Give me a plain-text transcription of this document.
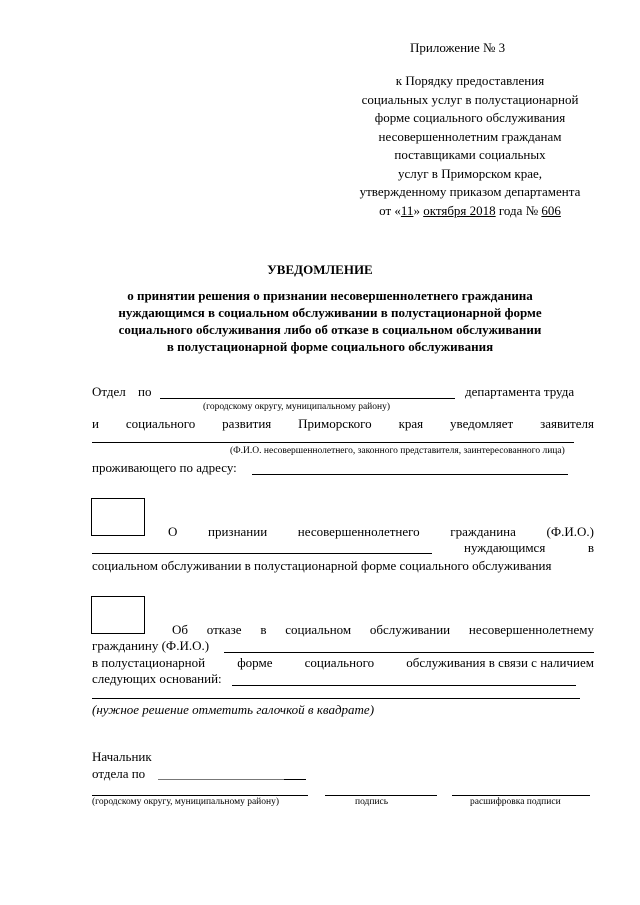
Приложение № 3
к Порядку предоставления
социальных услуг в полустационарной
форме социального обслуживания
несовершеннолетним гражданам
поставщиками социальных
услуг в Приморском крае,
утвержденному приказом департамента
от «11» октября 2018 года № 606
УВЕДОМЛЕНИЕ
о принятии решения о признании несовершеннолетнего гражданина
нуждающимся в социальном обслуживании в полустационарной форме
социального обслуживания либо об отказе в социальном обслуживании
в полустационарной форме социального обслуживания
Отдел по	департамента труда
(городскому округу, муниципальному району)
и социального развития Приморского края уведомляет заявителя
(Ф.И.О. несовершеннолетнего, законного представителя, заинтересованного лица)
проживающего по адресу:
О признании несовершеннолетнего гражданина (Ф.И.О.)
нуждающимся	в
социальном обслуживании в полустационарной форме социального обслуживания
Об отказе в социальном обслуживании несовершеннолетнему
гражданину (Ф.И.О.)
в полустационарной форме социального обслуживания в связи с наличием
следующих оснований:
(нужное решение отметить галочкой в квадрате)
Начальник
отдела по
(городскому округу, муниципальному району)	подпись	расшифровка подписи
